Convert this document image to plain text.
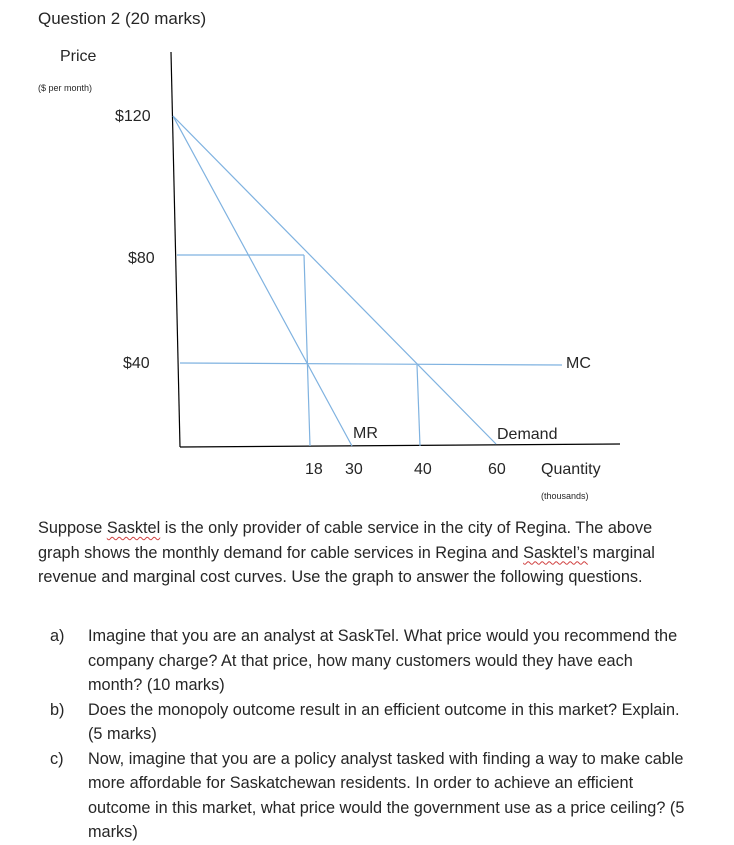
Question 2 (20 marks)
Price
($ per month)
Quantity
(thousands)
$120
$80
$40
18 30	40	60
MR	Demand
MC
Suppose Sasktel is the only provider of cable service in the city of Regina. The above graph shows the monthly demand for cable services in Regina and Sasktel’s marginal revenue and marginal cost curves. Use the graph to answer the following questions.
a) Imagine that you are an analyst at SaskTel. What price would you recommend the company charge? At that price, how many customers would they have each month? (10 marks)
b) Does the monopoly outcome result in an efficient outcome in this market? Explain. (5 marks)
c) Now, imagine that you are a policy analyst tasked with finding a way to make cable more affordable for Saskatchewan residents. In order to achieve an efficient outcome in this market, what price would the government use as a price ceiling? (5 marks)
